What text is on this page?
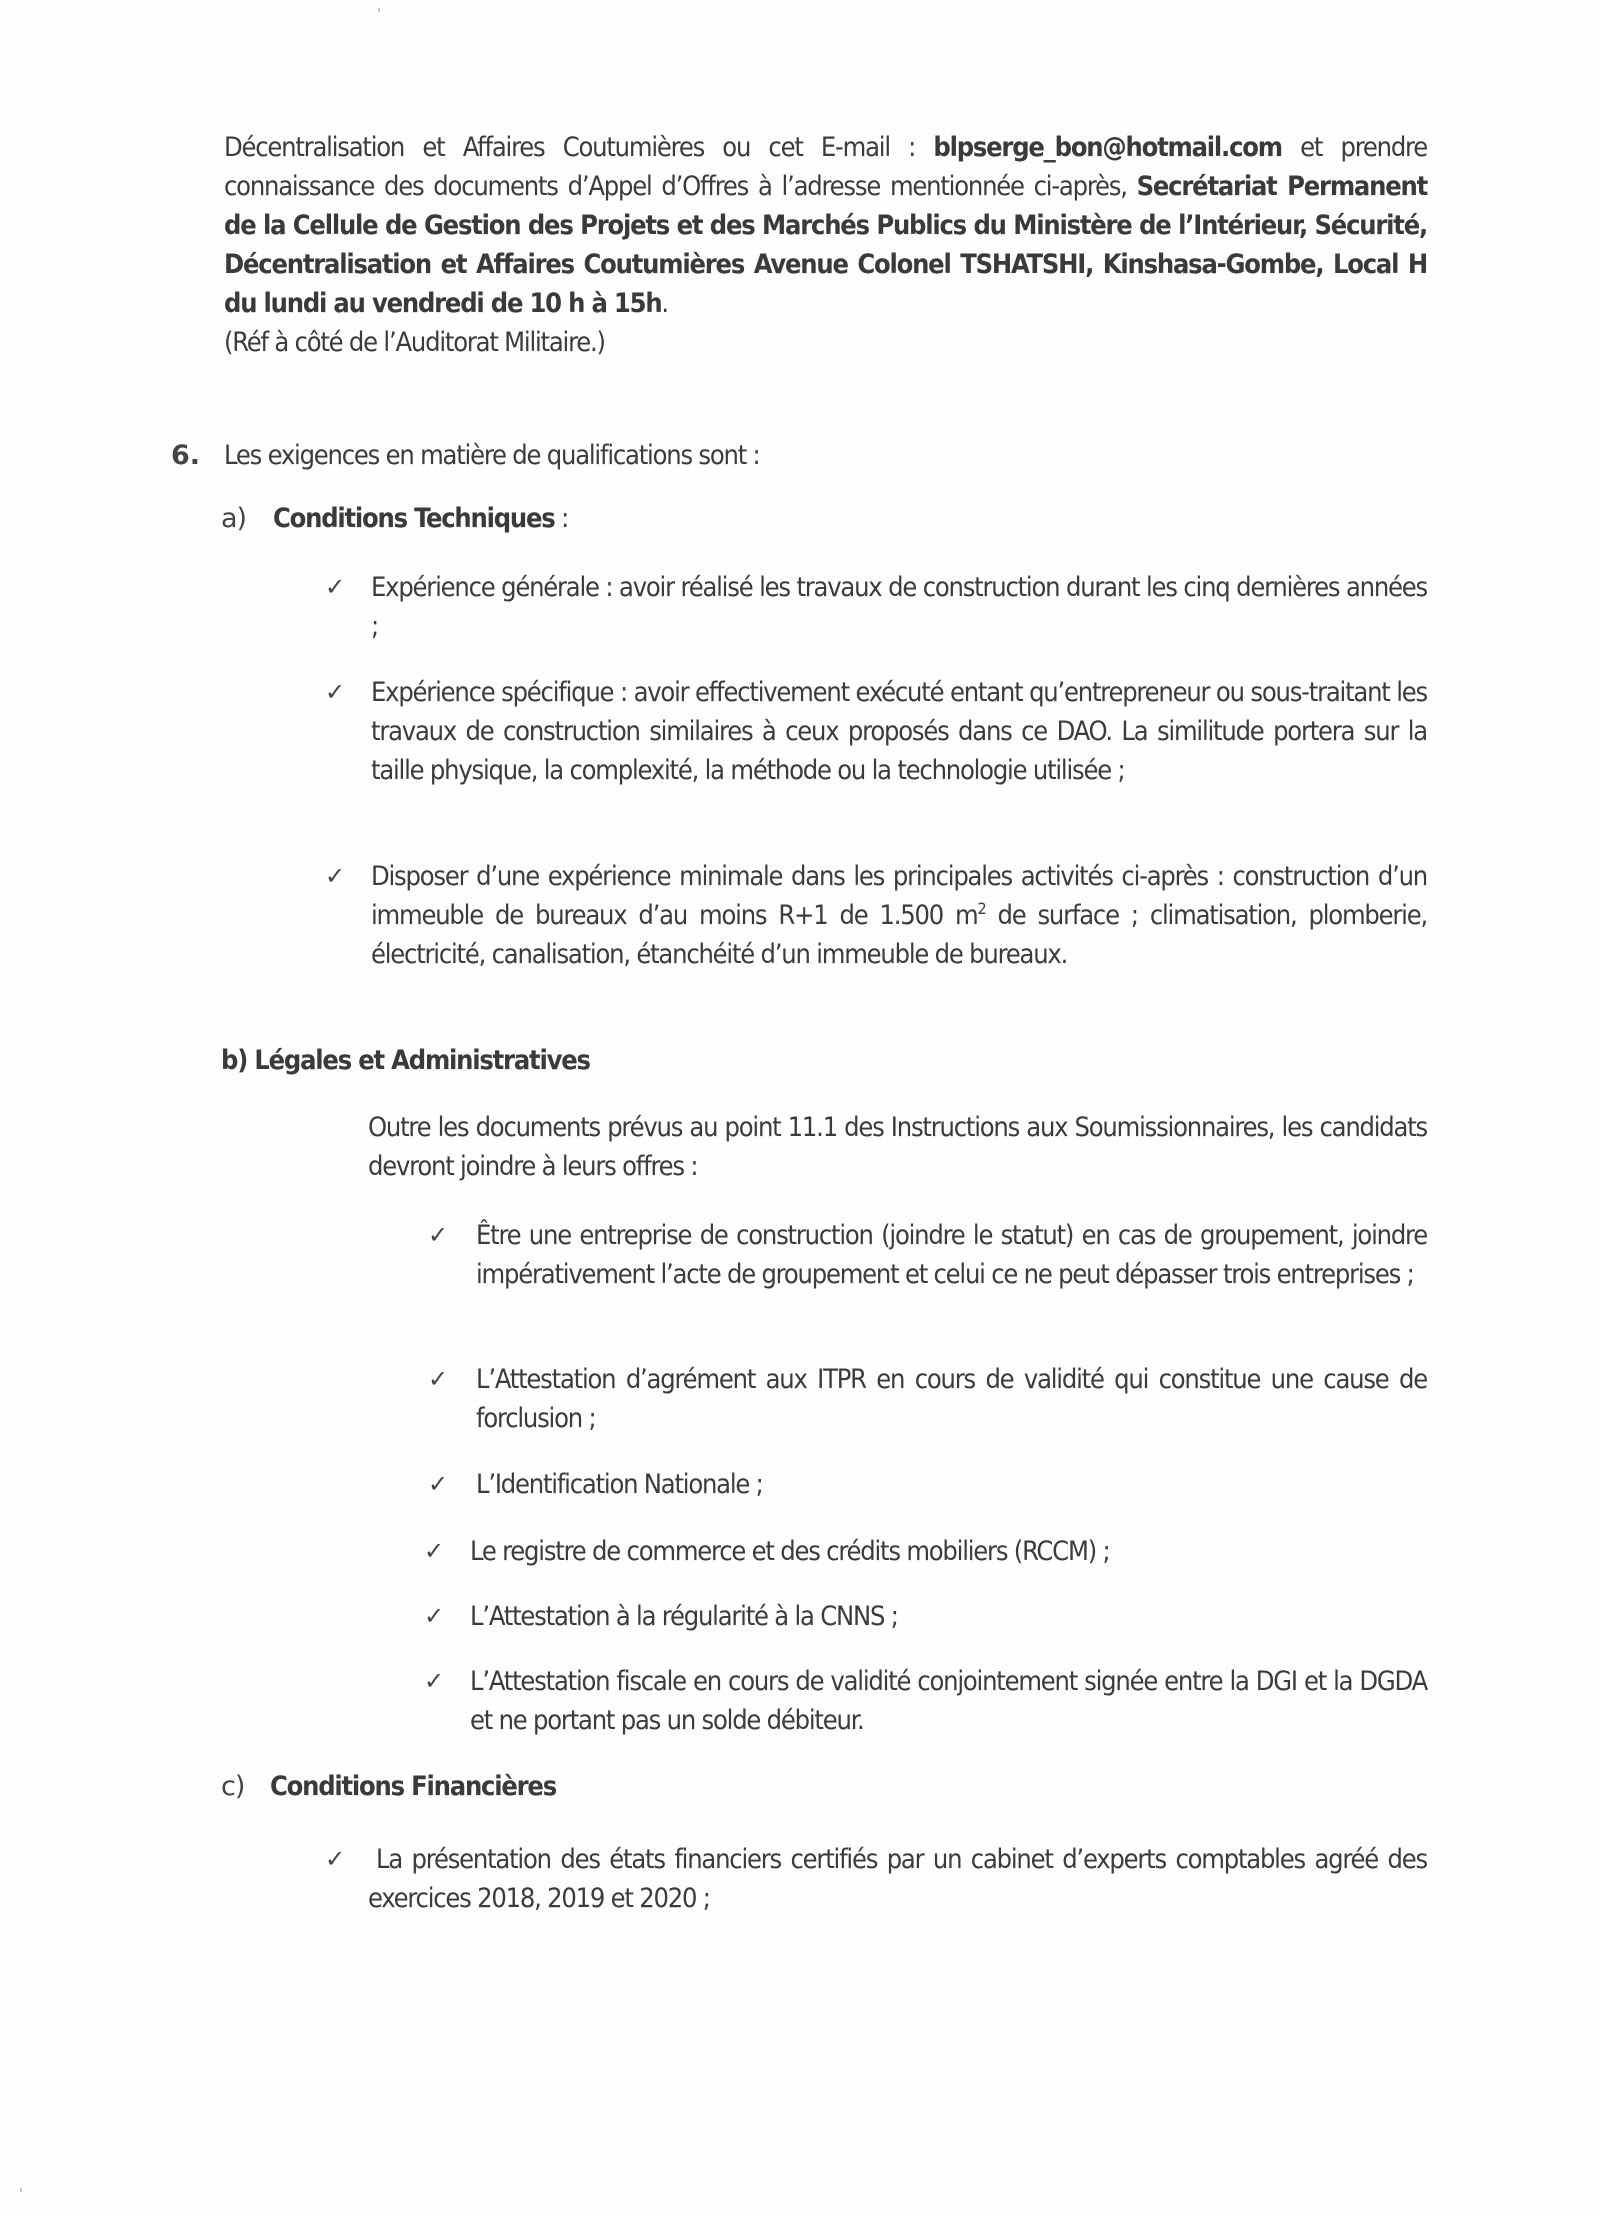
Décentralisation et Affaires Coutumières ou cet E-mail : blpserge_bon@hotmail.com et prendre connaissance des documents d’Appel d’Offres à l’adresse mentionnée ci-après, Secrétariat Permanent de la Cellule de Gestion des Projets et des Marchés Publics du Ministère de l’Intérieur, Sécurité, Décentralisation et Affaires Coutumières Avenue Colonel TSHATSHI, Kinshasa-Gombe, Local H du lundi au vendredi de 10 h à 15h.
(Réf à côté de l’Auditorat Militaire.)
6. Les exigences en matière de qualifications sont :
a) Conditions Techniques :
✓ Expérience générale : avoir réalisé les travaux de construction durant les cinq dernières années ;
✓ Expérience spécifique : avoir effectivement exécuté entant qu’entrepreneur ou sous-traitant les travaux de construction similaires à ceux proposés dans ce DAO. La similitude portera sur la taille physique, la complexité, la méthode ou la technologie utilisée ;
✓ Disposer d’une expérience minimale dans les principales activités ci-après : construction d’un immeuble de bureaux d’au moins R+1 de 1.500 $m^2$ de surface ; climatisation, plomberie, électricité, canalisation, étanchéité d’un immeuble de bureaux.
b) Légales et Administratives
Outre les documents prévus au point 11.1 des Instructions aux Soumissionnaires, les candidats devront joindre à leurs offres :
✓ Être une entreprise de construction (joindre le statut) en cas de groupement, joindre impérativement l’acte de groupement et celui ce ne peut dépasser trois entreprises ;
✓ L’Attestation d’agrément aux ITPR en cours de validité qui constitue une cause de forclusion ;
✓ L’Identification Nationale ;
✓ Le registre de commerce et des crédits mobiliers (RCCM) ;
✓ L’Attestation à la régularité à la CNNS ;
✓ L’Attestation fiscale en cours de validité conjointement signée entre la DGI et la DGDA et ne portant pas un solde débiteur.
c) Conditions Financières
✓ La présentation des états financiers certifiés par un cabinet d’experts comptables agréé des exercices 2018, 2019 et 2020 ;
